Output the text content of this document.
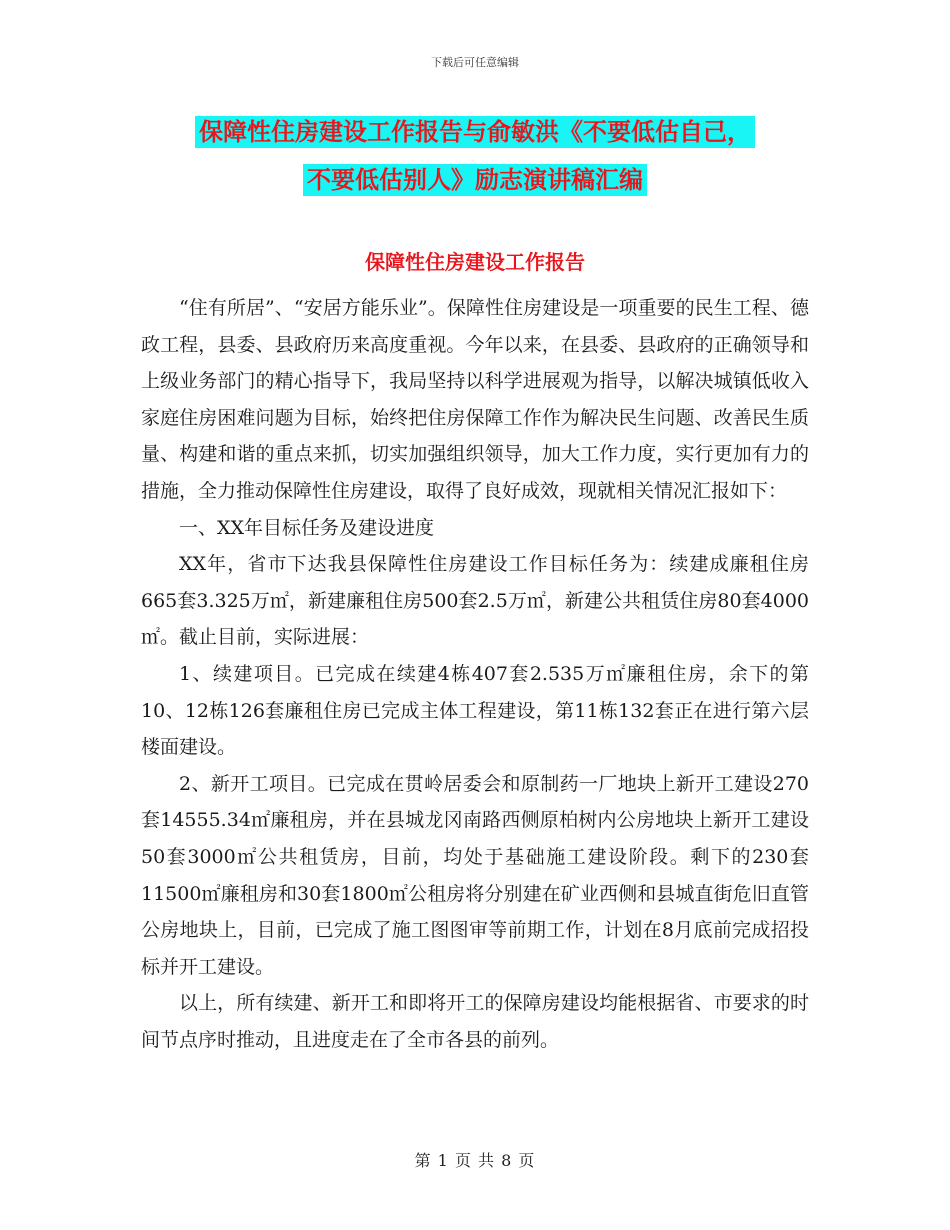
下载后可任意编辑
保障性住房建设工作报告与俞敏洪《不要低估自己，
不要低估别人》励志演讲稿汇编
保障性住房建设工作报告

“住有所居”、“安居方能乐业”。保障性住房建设是一项重要的民生工程、德政工程，县委、县政府历来高度重视。今年以来，在县委、县政府的正确领导和上级业务部门的精心指导下，我局坚持以科学进展观为指导，以解决城镇低收入家庭住房困难问题为目标，始终把住房保障工作作为解决民生问题、改善民生质量、构建和谐的重点来抓，切实加强组织领导，加大工作力度，实行更加有力的措施，全力推动保障性住房建设，取得了良好成效，现就相关情况汇报如下：

一、XX年目标任务及建设进度

XX年，省市下达我县保障性住房建设工作目标任务为：续建成廉租住房665套3.325万㎡，新建廉租住房500套2.5万㎡，新建公共租赁住房80套4000㎡。截止目前，实际进展：

1、续建项目。已完成在续建4栋407套2.535万㎡廉租住房，余下的第10、12栋126套廉租住房已完成主体工程建设，第11栋132套正在进行第六层楼面建设。

2、新开工项目。已完成在贯岭居委会和原制药一厂地块上新开工建设270套14555.34㎡廉租房，并在县城龙冈南路西侧原柏树内公房地块上新开工建设50套3000㎡公共租赁房，目前，均处于基础施工建设阶段。剩下的230套11500㎡廉租房和30套1800㎡公租房将分别建在矿业西侧和县城直街危旧直管公房地块上，目前，已完成了施工图图审等前期工作，计划在8月底前完成招投标并开工建设。

以上，所有续建、新开工和即将开工的保障房建设均能根据省、市要求的时间节点序时推动，且进度走在了全市各县的前列。

第 1 页 共 8 页
